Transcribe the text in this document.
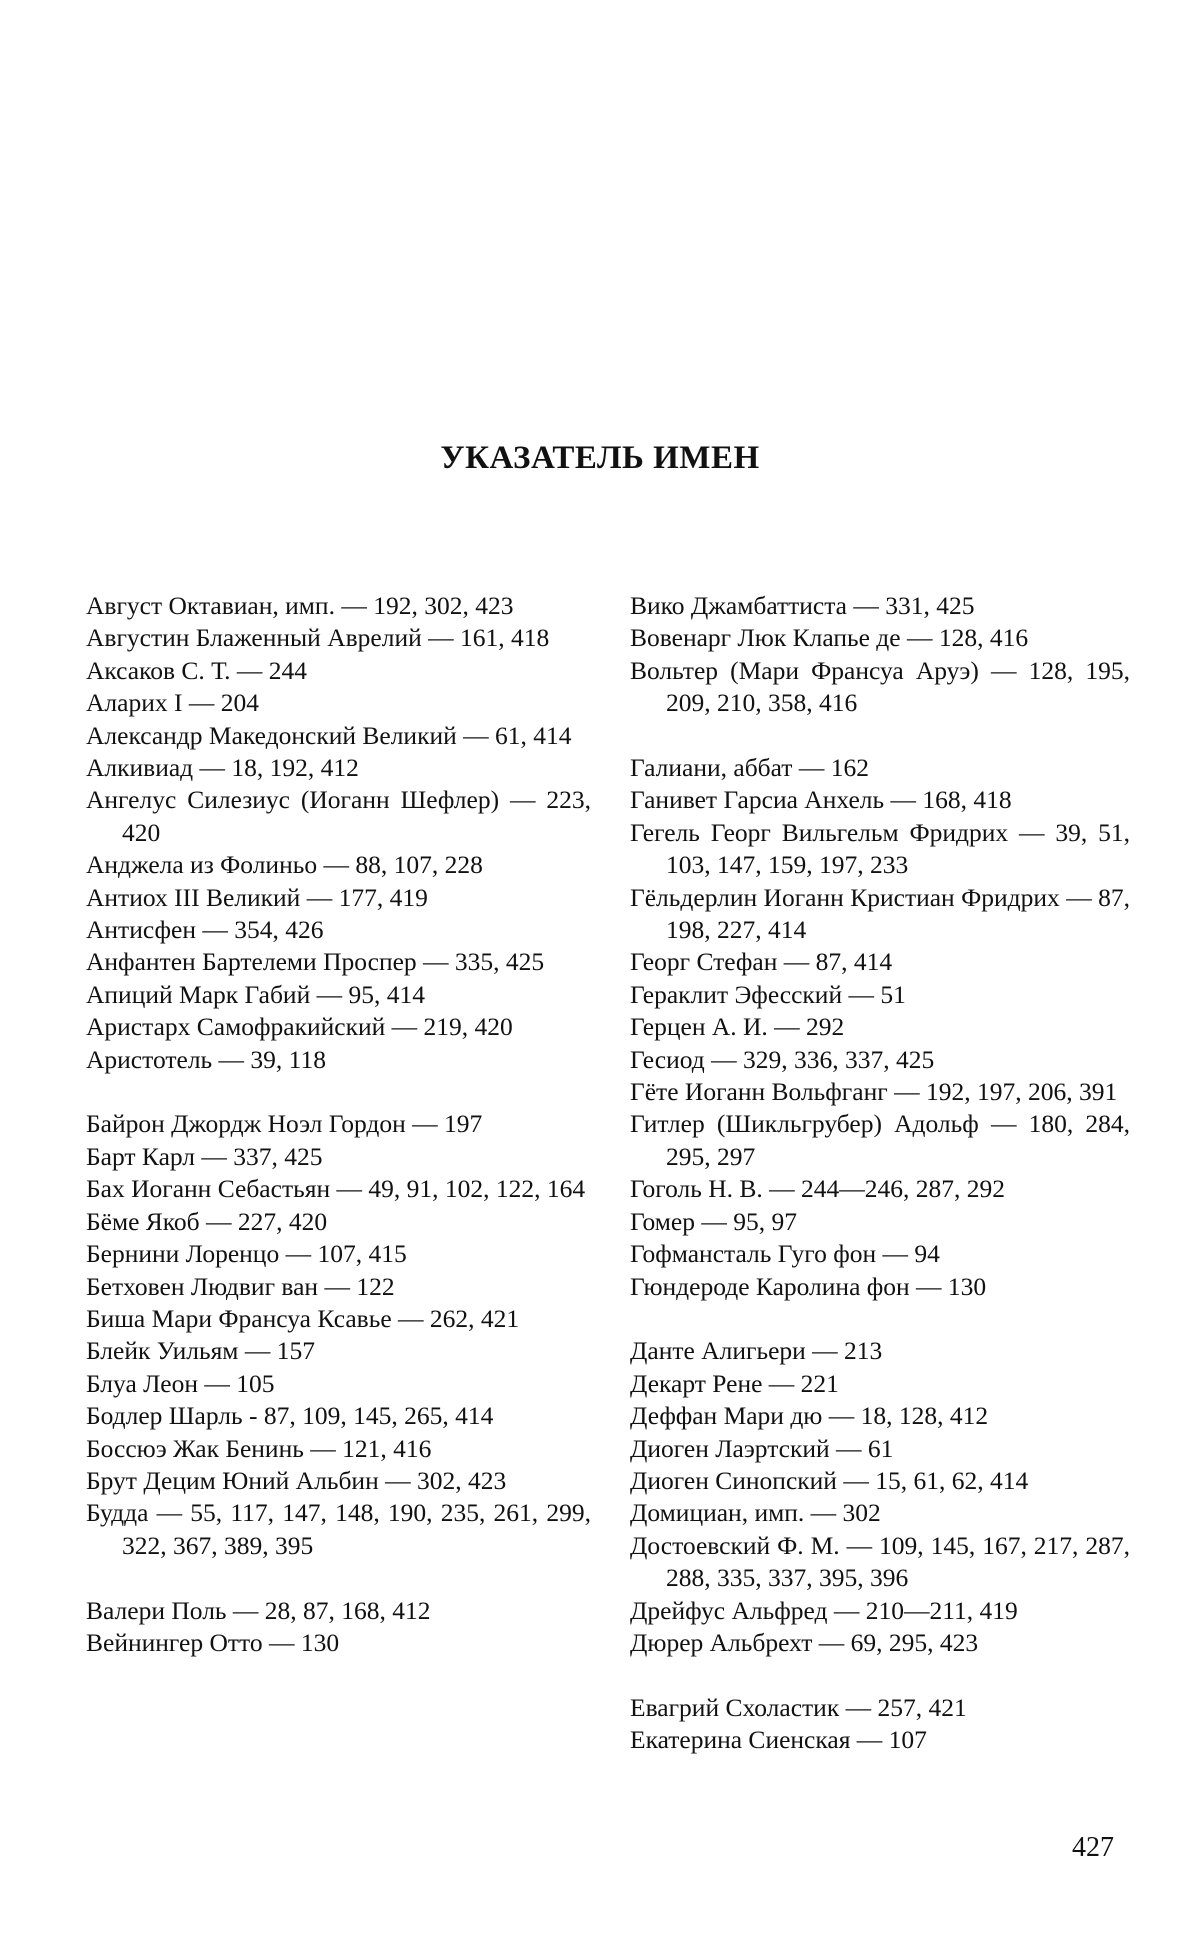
УКАЗАТЕЛЬ ИМЕН
Август Октавиан, имп. — 192, 302, 423
Августин Блаженный Аврелий — 161, 418
Аксаков С. Т. — 244
Аларих I — 204
Александр Македонский Великий — 61, 414
Алкивиад — 18, 192, 412
Ангелус Силезиус (Иоганн Шефлер) — 223, 420
Анджела из Фолиньо — 88, 107, 228
Антиох III Великий — 177, 419
Антисфен — 354, 426
Анфантен Бартелеми Проспер — 335, 425
Апиций Марк Габий — 95, 414
Аристарх Самофракийский — 219, 420
Аристотель — 39, 118
Байрон Джордж Ноэл Гордон — 197
Барт Карл — 337, 425
Бах Иоганн Себастьян — 49, 91, 102, 122, 164
Бёме Якоб — 227, 420
Бернини Лоренцо — 107, 415
Бетховен Людвиг ван — 122
Биша Мари Франсуа Ксавье — 262, 421
Блейк Уильям — 157
Блуа Леон — 105
Бодлер Шарль - 87, 109, 145, 265, 414
Боссюэ Жак Бенинь — 121, 416
Брут Децим Юний Альбин — 302, 423
Будда — 55, 117, 147, 148, 190, 235, 261, 299, 322, 367, 389, 395
Валери Поль — 28, 87, 168, 412
Вейнингер Отто — 130
Вико Джамбаттиста — 331, 425
Вовенарг Люк Клапье де — 128, 416
Вольтер (Мари Франсуа Аруэ) — 128, 195, 209, 210, 358, 416
Галиани, аббат — 162
Ганивет Гарсиа Анхель — 168, 418
Гегель Георг Вильгельм Фридрих — 39, 51, 103, 147, 159, 197, 233
Гёльдерлин Иоганн Кристиан Фридрих — 87, 198, 227, 414
Георг Стефан — 87, 414
Гераклит Эфесский — 51
Герцен А. И. — 292
Гесиод — 329, 336, 337, 425
Гёте Иоганн Вольфганг — 192, 197, 206, 391
Гитлер (Шикльгрубер) Адольф — 180, 284, 295, 297
Гоголь Н. В. — 244—246, 287, 292
Гомер — 95, 97
Гофмансталь Гуго фон — 94
Гюндероде Каролина фон — 130
Данте Алигьери — 213
Декарт Рене — 221
Деффан Мари дю — 18, 128, 412
Диоген Лаэртский — 61
Диоген Синопский — 15, 61, 62, 414
Домициан, имп. — 302
Достоевский Ф. М. — 109, 145, 167, 217, 287, 288, 335, 337, 395, 396
Дрейфус Альфред — 210—211, 419
Дюрер Альбрехт — 69, 295, 423
Евагрий Схоластик — 257, 421
Екатерина Сиенская — 107
427
